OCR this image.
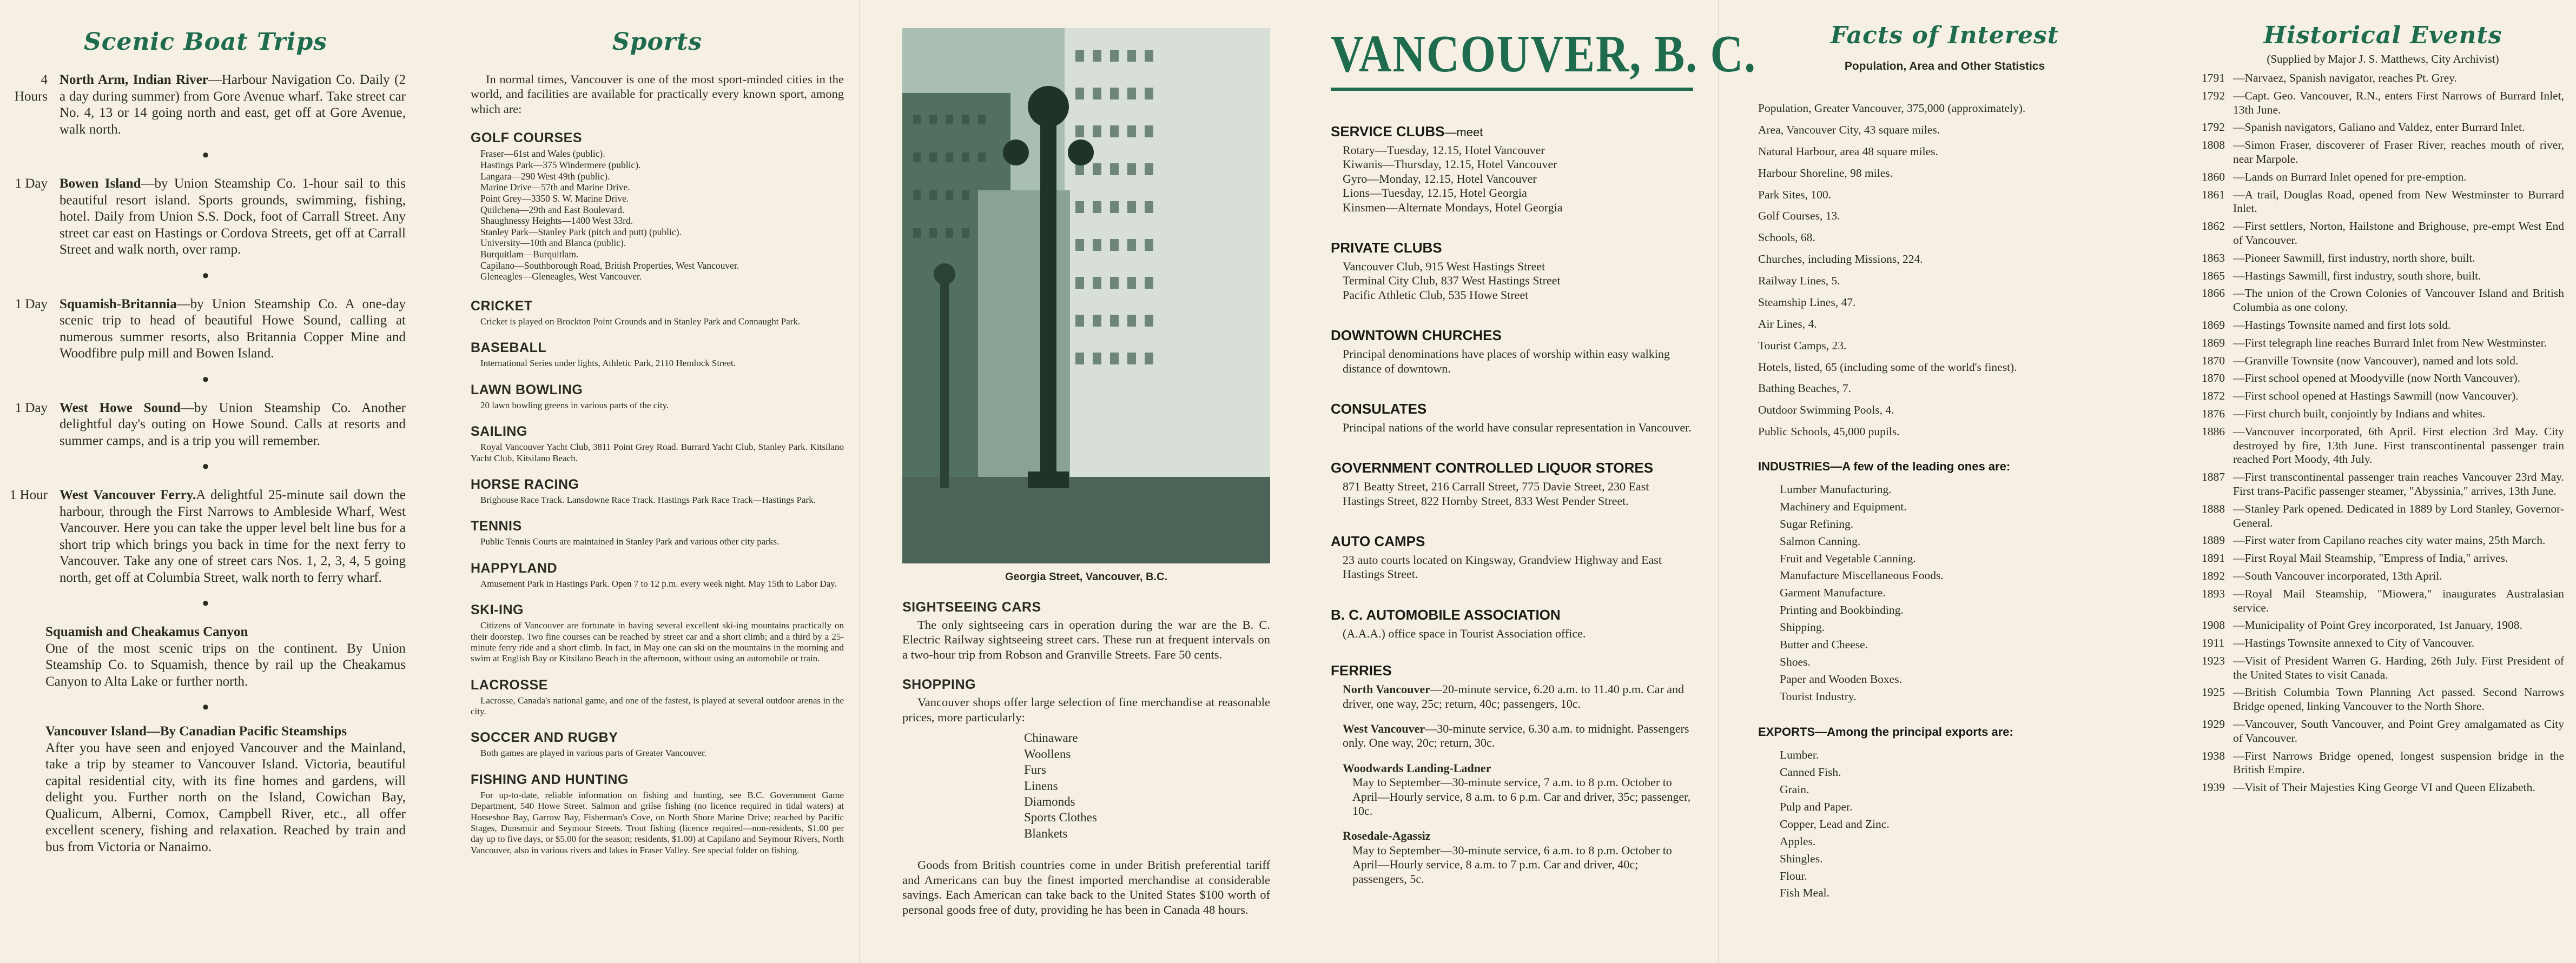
Scenic Boat Trips
4 Hours
North Arm, Indian River—Harbour Navigation Co. Daily (2 a day during summer) from Gore Avenue wharf. Take street car No. 4, 13 or 14 going north and east, get off at Gore Avenue, walk north.
●
1 Day Bowen Island—by Union Steamship Co. 1-hour sail to this beautiful resort island. Sports grounds, swimming, fishing, hotel. Daily from Union S.S. Dock, foot of Carrall Street. Any street car east on Hastings or Cordova Streets, get off at Carrall Street and walk north, over ramp.
●
1 Day Squamish-Britannia—by Union Steamship Co. A one-day scenic trip to head of beautiful Howe Sound, calling at numerous summer resorts, also Britannia Copper Mine and Woodfibre pulp mill and Bowen Island.
●
1 Day West Howe Sound—by Union Steamship Co. Another delightful day's outing on Howe Sound. Calls at resorts and summer camps, and is a trip you will remember.
●
1 Hour West Vancouver Ferry.A delightful 25-minute sail down the harbour, through the First Narrows to Ambleside Wharf, West Vancouver. Here you can take the upper level belt line bus for a short trip which brings you back in time for the next ferry to Vancouver. Take any one of street cars Nos. 1, 2, 3, 4, 5 going north, get off at Columbia Street, walk north to ferry wharf.
●
Squamish and Cheakamus Canyon
One of the most scenic trips on the continent. By Union Steamship Co. to Squamish, thence by rail up the Cheakamus Canyon to Alta Lake or further north.
●
Vancouver Island—By Canadian Pacific Steamships
After you have seen and enjoyed Vancouver and the Mainland, take a trip by steamer to Vancouver Island. Victoria, beautiful capital residential city, with its fine homes and gardens, will delight you. Further north on the Island, Cowichan Bay, Qualicum, Alberni, Comox, Campbell River, etc., all offer excellent scenery, fishing and relaxation. Reached by train and bus from Victoria or Nanaimo.
Sports
In normal times, Vancouver is one of the most sport-minded cities in the world, and facilities are available for practically every known sport, among which are:
GOLF COURSES
Fraser—61st and Wales (public).
Hastings Park—375 Windermere (public).
Langara—290 West 49th (public).
Marine Drive—57th and Marine Drive.
Point Grey—3350 S. W. Marine Drive.
Quilchena—29th and East Boulevard.
Shaughnessy Heights—1400 West 33rd.
Stanley Park—Stanley Park (pitch and putt) (public).
University—10th and Blanca (public).
Burquitlam—Burquitlam.
Capilano—Southborough Road, British Properties, West Vancouver.
Gleneagles—Gleneagles, West Vancouver.
CRICKET
Cricket is played on Brockton Point Grounds and in Stanley Park and Connaught Park.
BASEBALL
International Series under lights, Athletic Park, 2110 Hemlock Street.
LAWN BOWLING
20 lawn bowling greens in various parts of the city.
SAILING
Royal Vancouver Yacht Club, 3811 Point Grey Road. Burrard Yacht Club, Stanley Park. Kitsilano Yacht Club, Kitsilano Beach.
HORSE RACING
Brighouse Race Track. Lansdowne Race Track. Hastings Park Race Track—Hastings Park.
TENNIS
Public Tennis Courts are maintained in Stanley Park and various other city parks.
HAPPYLAND
Amusement Park in Hastings Park. Open 7 to 12 p.m. every week night. May 15th to Labor Day.
SKI-ING
Citizens of Vancouver are fortunate in having several excellent ski-ing mountains practically on their doorstep. Two fine courses can be reached by street car and a short climb; and a third by a 25-minute ferry ride and a short climb. In fact, in May one can ski on the mountains in the morning and swim at English Bay or Kitsilano Beach in the afternoon, without using an automobile or train.
LACROSSE
Lacrosse, Canada's national game, and one of the fastest, is played at several outdoor arenas in the city.
SOCCER AND RUGBY
Both games are played in various parts of Greater Vancouver.
FISHING AND HUNTING
For up-to-date, reliable information on fishing and hunting, see B.C. Government Game Department, 540 Howe Street. Salmon and grilse fishing (no licence required in tidal waters) at Horseshoe Bay, Garrow Bay, Fisherman's Cove, on North Shore Marine Drive; reached by Pacific Stages, Dunsmuir and Seymour Streets. Trout fishing (licence required—non-residents, $1.00 per day up to five days, or $5.00 for the season; residents, $1.00) at Capilano and Seymour Rivers, North Vancouver, also in various rivers and lakes in Fraser Valley. See special folder on fishing.
Georgia Street, Vancouver, B.C.
SIGHTSEEING CARS
The only sightseeing cars in operation during the war are the B. C. Electric Railway sightseeing street cars. These run at frequent intervals on a two-hour trip from Robson and Granville Streets. Fare 50 cents.
SHOPPING
Vancouver shops offer large selection of fine merchandise at reasonable prices, more particularly:
Chinaware
Woollens
Furs
Linens
Diamonds
Sports Clothes
Blankets
Goods from British countries come in under British preferential tariff and Americans can buy the finest imported merchandise at considerable savings. Each American can take back to the United States $100 worth of personal goods free of duty, providing he has been in Canada 48 hours.
VANCOUVER, B. C.
SERVICE CLUBS—meet
Rotary—Tuesday, 12.15, Hotel Vancouver
Kiwanis—Thursday, 12.15, Hotel Vancouver
Gyro—Monday, 12.15, Hotel Vancouver
Lions—Tuesday, 12.15, Hotel Georgia
Kinsmen—Alternate Mondays, Hotel Georgia
PRIVATE CLUBS
Vancouver Club, 915 West Hastings Street
Terminal City Club, 837 West Hastings Street
Pacific Athletic Club, 535 Howe Street
DOWNTOWN CHURCHES
Principal denominations have places of worship within easy walking distance of downtown.
CONSULATES
Principal nations of the world have consular representation in Vancouver.
GOVERNMENT CONTROLLED LIQUOR STORES
871 Beatty Street, 216 Carrall Street, 775 Davie Street, 230 East Hastings Street, 822 Hornby Street, 833 West Pender Street.
AUTO CAMPS
23 auto courts located on Kingsway, Grandview Highway and East Hastings Street.
B. C. AUTOMOBILE ASSOCIATION
(A.A.A.) office space in Tourist Association office.
FERRIES
North Vancouver—20-minute service, 6.20 a.m. to 11.40 p.m. Car and driver, one way, 25c; return, 40c; passengers, 10c.
West Vancouver—30-minute service, 6.30 a.m. to midnight. Passengers only. One way, 20c; return, 30c.
Woodwards Landing-Ladner

May to September—30-minute service, 7 a.m. to 8 p.m. October to April—Hourly service, 8 a.m. to 6 p.m. Car and driver, 35c; passenger, 10c.
Rosedale-Agassiz

May to September—30-minute service, 6 a.m. to 8 p.m. October to April—Hourly service, 8 a.m. to 7 p.m. Car and driver, 40c; passengers, 5c.
Facts of Interest
Population, Area and Other Statistics
Population, Greater Vancouver, 375,000 (approximately).
Area, Vancouver City, 43 square miles.
Natural Harbour, area 48 square miles.
Harbour Shoreline, 98 miles.
Park Sites, 100.
Golf Courses, 13.
Schools, 68.
Churches, including Missions, 224.
Railway Lines, 5.
Steamship Lines, 47.
Air Lines, 4.
Tourist Camps, 23.
Hotels, listed, 65 (including some of the world's finest).
Bathing Beaches, 7.
Outdoor Swimming Pools, 4.
Public Schools, 45,000 pupils.
INDUSTRIES—A few of the leading ones are:
Lumber Manufacturing.
Machinery and Equipment.
Sugar Refining.
Salmon Canning.
Fruit and Vegetable Canning.
Manufacture Miscellaneous Foods.
Garment Manufacture.
Printing and Bookbinding.
Shipping.
Butter and Cheese.
Shoes.
Paper and Wooden Boxes.
Tourist Industry.
EXPORTS—Among the principal exports are:
Lumber.
Canned Fish.
Grain.
Pulp and Paper.
Copper, Lead and Zinc.
Apples.
Shingles.
Flour.
Fish Meal.
Historical Events
(Supplied by Major J. S. Matthews, City Archivist)
1791 —Narvaez, Spanish navigator, reaches Pt. Grey.
1792 —Capt. Geo. Vancouver, R.N., enters First Narrows of Burrard Inlet, 13th June.
1792 —Spanish navigators, Galiano and Valdez, enter Burrard Inlet.
1808 —Simon Fraser, discoverer of Fraser River, reaches mouth of river, near Marpole.
1860 —Lands on Burrard Inlet opened for pre-emption.
1861 —A trail, Douglas Road, opened from New Westminster to Burrard Inlet.
1862 —First settlers, Norton, Hailstone and Brighouse, pre-empt West End of Vancouver.
1863 —Pioneer Sawmill, first industry, north shore, built.
1865 —Hastings Sawmill, first industry, south shore, built.
1866 —The union of the Crown Colonies of Vancouver Island and British Columbia as one colony.
1869 —Hastings Townsite named and first lots sold.
1869 —First telegraph line reaches Burrard Inlet from New Westminster.
1870 —Granville Townsite (now Vancouver), named and lots sold.
1870 —First school opened at Moodyville (now North Vancouver).
1872 —First school opened at Hastings Sawmill (now Vancouver).
1876 —First church built, conjointly by Indians and whites.
1886 —Vancouver incorporated, 6th April. First election 3rd May. City destroyed by fire, 13th June. First transcontinental passenger train reached Port Moody, 4th July.
1887 —First transcontinental passenger train reaches Vancouver 23rd May. First trans-Pacific passenger steamer, "Abyssinia," arrives, 13th June.
1888 —Stanley Park opened. Dedicated in 1889 by Lord Stanley, Governor-General.
1889 —First water from Capilano reaches city water mains, 25th March.
1891 —First Royal Mail Steamship, "Empress of India," arrives.
1892 —South Vancouver incorporated, 13th April.
1893 —Royal Mail Steamship, "Miowera," inaugurates Australasian service.
1908 —Municipality of Point Grey incorporated, 1st January, 1908.
1911 —Hastings Townsite annexed to City of Vancouver.
1923 —Visit of President Warren G. Harding, 26th July. First President of the United States to visit Canada.
1925 —British Columbia Town Planning Act passed. Second Narrows Bridge opened, linking Vancouver to the North Shore.
1929 —Vancouver, South Vancouver, and Point Grey amalgamated as City of Vancouver.
1938 —First Narrows Bridge opened, longest suspension bridge in the British Empire.
1939 —Visit of Their Majesties King George VI and Queen Elizabeth.
